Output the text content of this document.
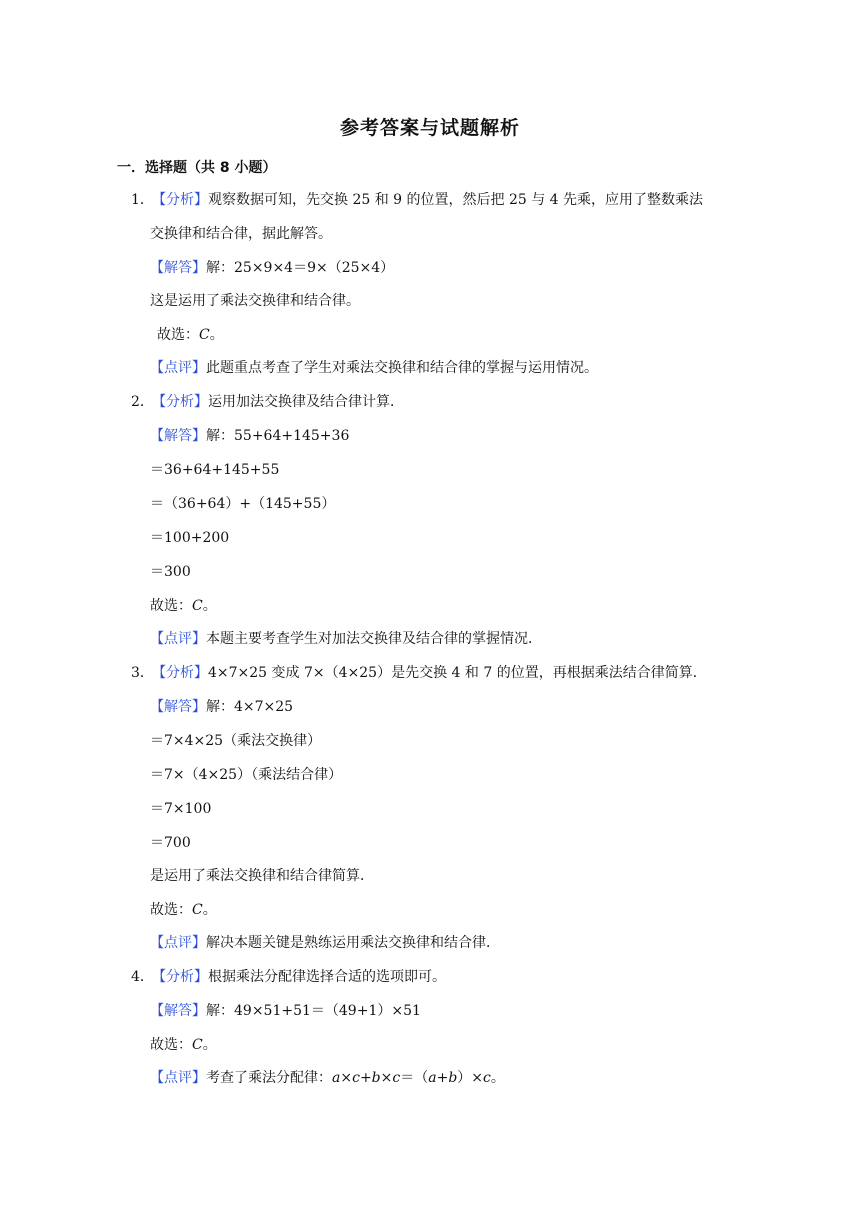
参考答案与试题解析
一．选择题（共 8 小题）
1．
【分析】观察数据可知，先交换 25 和 9 的位置，然后把 25 与 4 先乘，应用了整数乘法
交换律和结合律，据此解答。
【解答】解：25×9×4＝9×（25×4）
这是运用了乘法交换律和结合律。
故选：C。
【点评】此题重点考查了学生对乘法交换律和结合律的掌握与运用情况。
2．
【分析】运用加法交换律及结合律计算．
【解答】解：55+64+145+36
＝36+64+145+55
＝（36+64）+（145+55）
＝100+200
＝300
故选：C。
【点评】本题主要考查学生对加法交换律及结合律的掌握情况．
3．
【分析】4×7×25 变成 7×（4×25）是先交换 4 和 7 的位置，再根据乘法结合律简算．
【解答】解：4×7×25
＝7×4×25（乘法交换律）
＝7×（4×25）（乘法结合律）
＝7×100
＝700
是运用了乘法交换律和结合律简算．
故选：C。
【点评】解决本题关键是熟练运用乘法交换律和结合律．
4．
【分析】根据乘法分配律选择合适的选项即可。
【解答】解：49×51+51＝（49+1）×51
故选：C。
【点评】考查了乘法分配律：a×c+b×c＝（a+b）×c。
